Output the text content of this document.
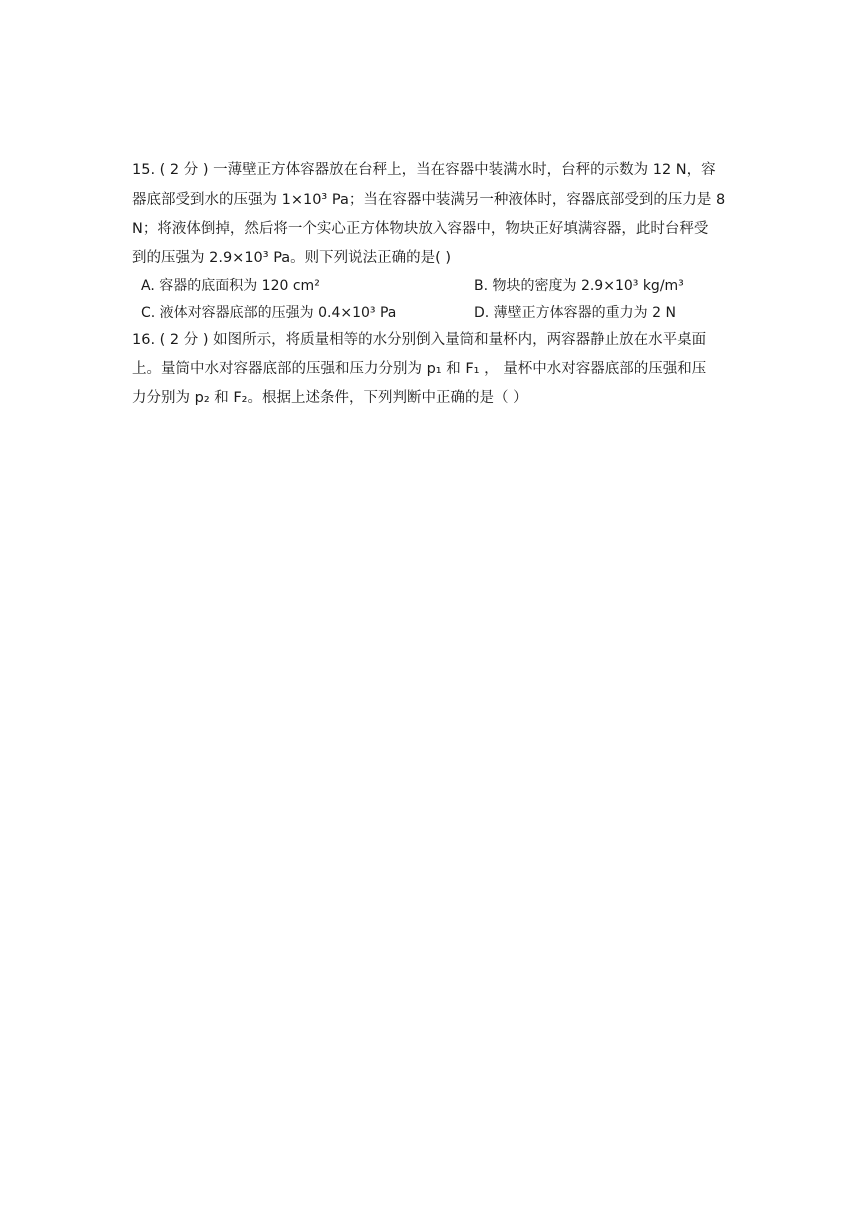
15. ( 2 分 ) 一薄壁正方体容器放在台秤上，当在容器中装满水时，台秤的示数为 12 N，容
器底部受到水的压强为 1×10³ Pa；当在容器中装满另一种液体时，容器底部受到的压力是 8
N；将液体倒掉，然后将一个实心正方体物块放入容器中，物块正好填满容器，此时台秤受
到的压强为 2.9×10³ Pa。则下列说法正确的是( )
A. 容器的底面积为 120 cm²	B. 物块的密度为 2.9×10³ kg/m³
C. 液体对容器底部的压强为 0.4×10³ Pa	D. 薄壁正方体容器的重力为 2 N
16. ( 2 分 ) 如图所示，将质量相等的水分别倒入量筒和量杯内，两容器静止放在水平桌面
上。量筒中水对容器底部的压强和压力分别为 p₁ 和 F₁ ， 量杯中水对容器底部的压强和压
力分别为 p₂ 和 F₂。根据上述条件，下列判断中正确的是（ ）
